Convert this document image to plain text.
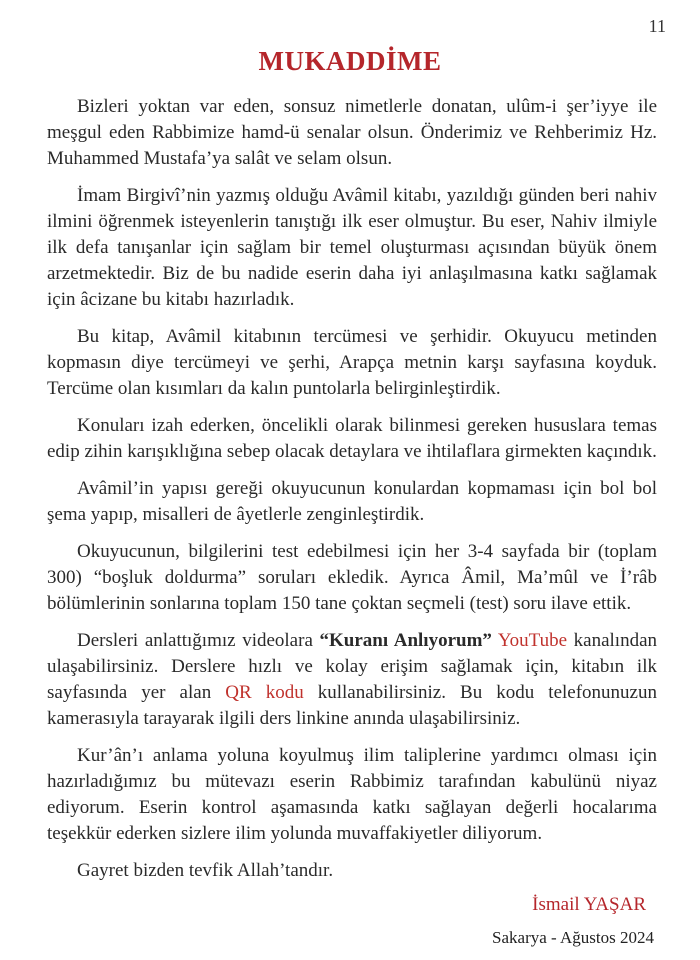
11
MUKADDİME

Bizleri yoktan var eden, sonsuz nimetlerle donatan, ulûm-i şer’iyye ile meşgul eden Rabbimize hamd-ü senalar olsun. Önderimiz ve Rehberimiz Hz. Muhammed Mustafa’ya salât ve selam olsun.

İmam Birgivî’nin yazmış olduğu Avâmil kitabı, yazıldığı günden beri nahiv ilmini öğrenmek isteyenlerin tanıştığı ilk eser olmuştur. Bu eser, Nahiv ilmiyle ilk defa tanışanlar için sağlam bir temel oluşturması açısından büyük önem arzetmektedir. Biz de bu nadide eserin daha iyi anlaşılmasına katkı sağlamak için âcizane bu kitabı hazırladık.

Bu kitap, Avâmil kitabının tercümesi ve şerhidir. Okuyucu metinden kopmasın diye tercümeyi ve şerhi, Arapça metnin karşı sayfasına koyduk. Tercüme olan kısımları da kalın puntolarla belirginleştirdik.

Konuları izah ederken, öncelikli olarak bilinmesi gereken hususlara temas edip zihin karışıklığına sebep olacak detaylara ve ihtilaflara girmekten kaçındık.

Avâmil’in yapısı gereği okuyucunun konulardan kopmaması için bol bol şema yapıp, misalleri de âyetlerle zenginleştirdik.

Okuyucunun, bilgilerini test edebilmesi için her 3-4 sayfada bir (toplam 300) “boşluk doldurma” soruları ekledik. Ayrıca Âmil, Ma’mûl ve İ’râb bölümlerinin sonlarına toplam 150 tane çoktan seçmeli (test) soru ilave ettik.

Dersleri anlattığımız videolara “Kuranı Anlıyorum” YouTube kanalından ulaşabilirsiniz. Derslere hızlı ve kolay erişim sağlamak için, kitabın ilk sayfasında yer alan QR kodu kullanabilirsiniz. Bu kodu telefonunuzun kamerasıyla tarayarak ilgili ders linkine anında ulaşabilirsiniz.

Kur’ân’ı anlama yoluna koyulmuş ilim taliplerine yardımcı olması için hazırladığımız bu mütevazı eserin Rabbimiz tarafından kabulünü niyaz ediyorum. Eserin kontrol aşamasında katkı sağlayan değerli hocalarıma teşekkür ederken sizlere ilim yolunda muvaffakiyetler diliyorum.

Gayret bizden tevfik Allah’tandır.

İsmail YAŞAR
Sakarya - Ağustos 2024
